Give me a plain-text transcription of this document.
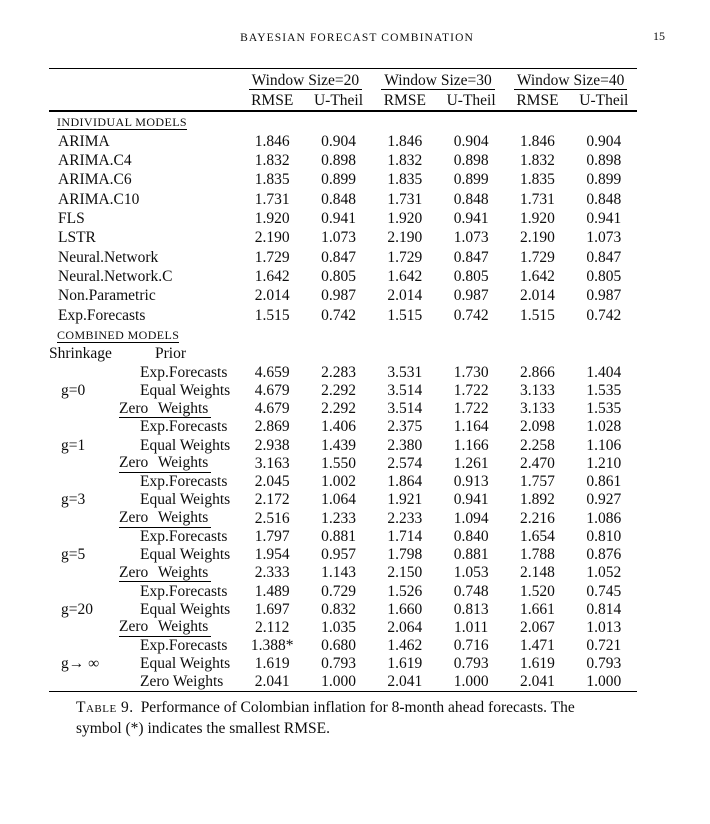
BAYESIAN FORECAST COMBINATION	15
		Window Size=20		Window Size=30		Window Size=40	
		RMSE	U-Theil	RMSE	U-Theil	RMSE	U-Theil
INDIVIDUAL MODELS							
ARIMA		1.846	0.904	1.846	0.904	1.846	0.904
ARIMA.C4		1.832	0.898	1.832	0.898	1.832	0.898
ARIMA.C6		1.835	0.899	1.835	0.899	1.835	0.899
ARIMA.C10		1.731	0.848	1.731	0.848	1.731	0.848
FLS		1.920	0.941	1.920	0.941	1.920	0.941
LSTR		2.190	1.073	2.190	1.073	2.190	1.073
Neural.Network		1.729	0.847	1.729	0.847	1.729	0.847
Neural.Network.C		1.642	0.805	1.642	0.805	1.642	0.805
Non.Parametric		2.014	0.987	2.014	0.987	2.014	0.987
Exp.Forecasts		1.515	0.742	1.515	0.742	1.515	0.742
COMBINED MODELS							
Shrinkage	Prior						
	Exp.Forecasts	4.659	2.283	3.531	1.730	2.866	1.404
g=0	Equal Weights	4.679	2.292	3.514	1.722	3.133	1.535
	Zero Weights	4.679	2.292	3.514	1.722	3.133	1.535
	Exp.Forecasts	2.869	1.406	2.375	1.164	2.098	1.028
g=1	Equal Weights	2.938	1.439	2.380	1.166	2.258	1.106
	Zero Weights	3.163	1.550	2.574	1.261	2.470	1.210
	Exp.Forecasts	2.045	1.002	1.864	0.913	1.757	0.861
g=3	Equal Weights	2.172	1.064	1.921	0.941	1.892	0.927
	Zero Weights	2.516	1.233	2.233	1.094	2.216	1.086
	Exp.Forecasts	1.797	0.881	1.714	0.840	1.654	0.810
g=5	Equal Weights	1.954	0.957	1.798	0.881	1.788	0.876
	Zero Weights	2.333	1.143	2.150	1.053	2.148	1.052
	Exp.Forecasts	1.489	0.729	1.526	0.748	1.520	0.745
g=20	Equal Weights	1.697	0.832	1.660	0.813	1.661	0.814
	Zero Weights	2.112	1.035	2.064	1.011	2.067	1.013
	Exp.Forecasts	1.388*	0.680	1.462	0.716	1.471	0.721
g→ ∞	Equal Weights	1.619	0.793	1.619	0.793	1.619	0.793
	Zero Weights	2.041	1.000	2.041	1.000	2.041	1.000
Table 9. Performance of Colombian inflation for 8-month ahead forecasts. The
symbol (*) indicates the smallest RMSE.
